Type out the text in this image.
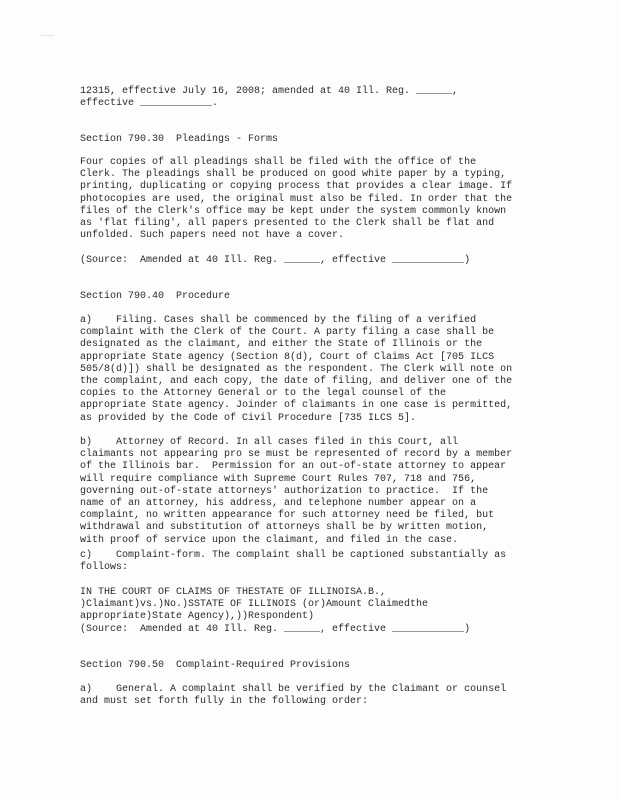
12315, effective July 16, 2008; amended at 40 Ill. Reg. ______,
effective ____________.
Section 790.30  Pleadings - Forms
Four copies of all pleadings shall be filed with the office of the
Clerk. The pleadings shall be produced on good white paper by a typing,
printing, duplicating or copying process that provides a clear image. If
photocopies are used, the original must also be filed. In order that the
files of the Clerk's office may be kept under the system commonly known
as 'flat filing', all papers presented to the Clerk shall be flat and
unfolded. Such papers need not have a cover.
(Source:  Amended at 40 Ill. Reg. ______, effective ____________)
Section 790.40  Procedure
a)    Filing. Cases shall be commenced by the filing of a verified
complaint with the Clerk of the Court. A party filing a case shall be
designated as the claimant, and either the State of Illinois or the
appropriate State agency (Section 8(d), Court of Claims Act [705 ILCS
505/8(d)]) shall be designated as the respondent. The Clerk will note on
the complaint, and each copy, the date of filing, and deliver one of the
copies to the Attorney General or to the legal counsel of the
appropriate State agency. Joinder of claimants in one case is permitted,
as provided by the Code of Civil Procedure [735 ILCS 5].
b)    Attorney of Record. In all cases filed in this Court, all
claimants not appearing pro se must be represented of record by a member
of the Illinois bar.  Permission for an out-of-state attorney to appear
will require compliance with Supreme Court Rules 707, 718 and 756,
governing out-of-state attorneys' authorization to practice.  If the
name of an attorney, his address, and telephone number appear on a
complaint, no written appearance for such attorney need be filed, but
withdrawal and substitution of attorneys shall be by written motion,
with proof of service upon the claimant, and filed in the case.
c)    Complaint-form. The complaint shall be captioned substantially as
follows:
IN THE COURT OF CLAIMS OF THESTATE OF ILLINOISA.B.,
)Claimant)vs.)No.)SSTATE OF ILLINOIS (or)Amount Claimedthe
appropriate)State Agency),))Respondent)
(Source:  Amended at 40 Ill. Reg. ______, effective ____________)
Section 790.50  Complaint-Required Provisions
a)    General. A complaint shall be verified by the Claimant or counsel
and must set forth fully in the following order:
